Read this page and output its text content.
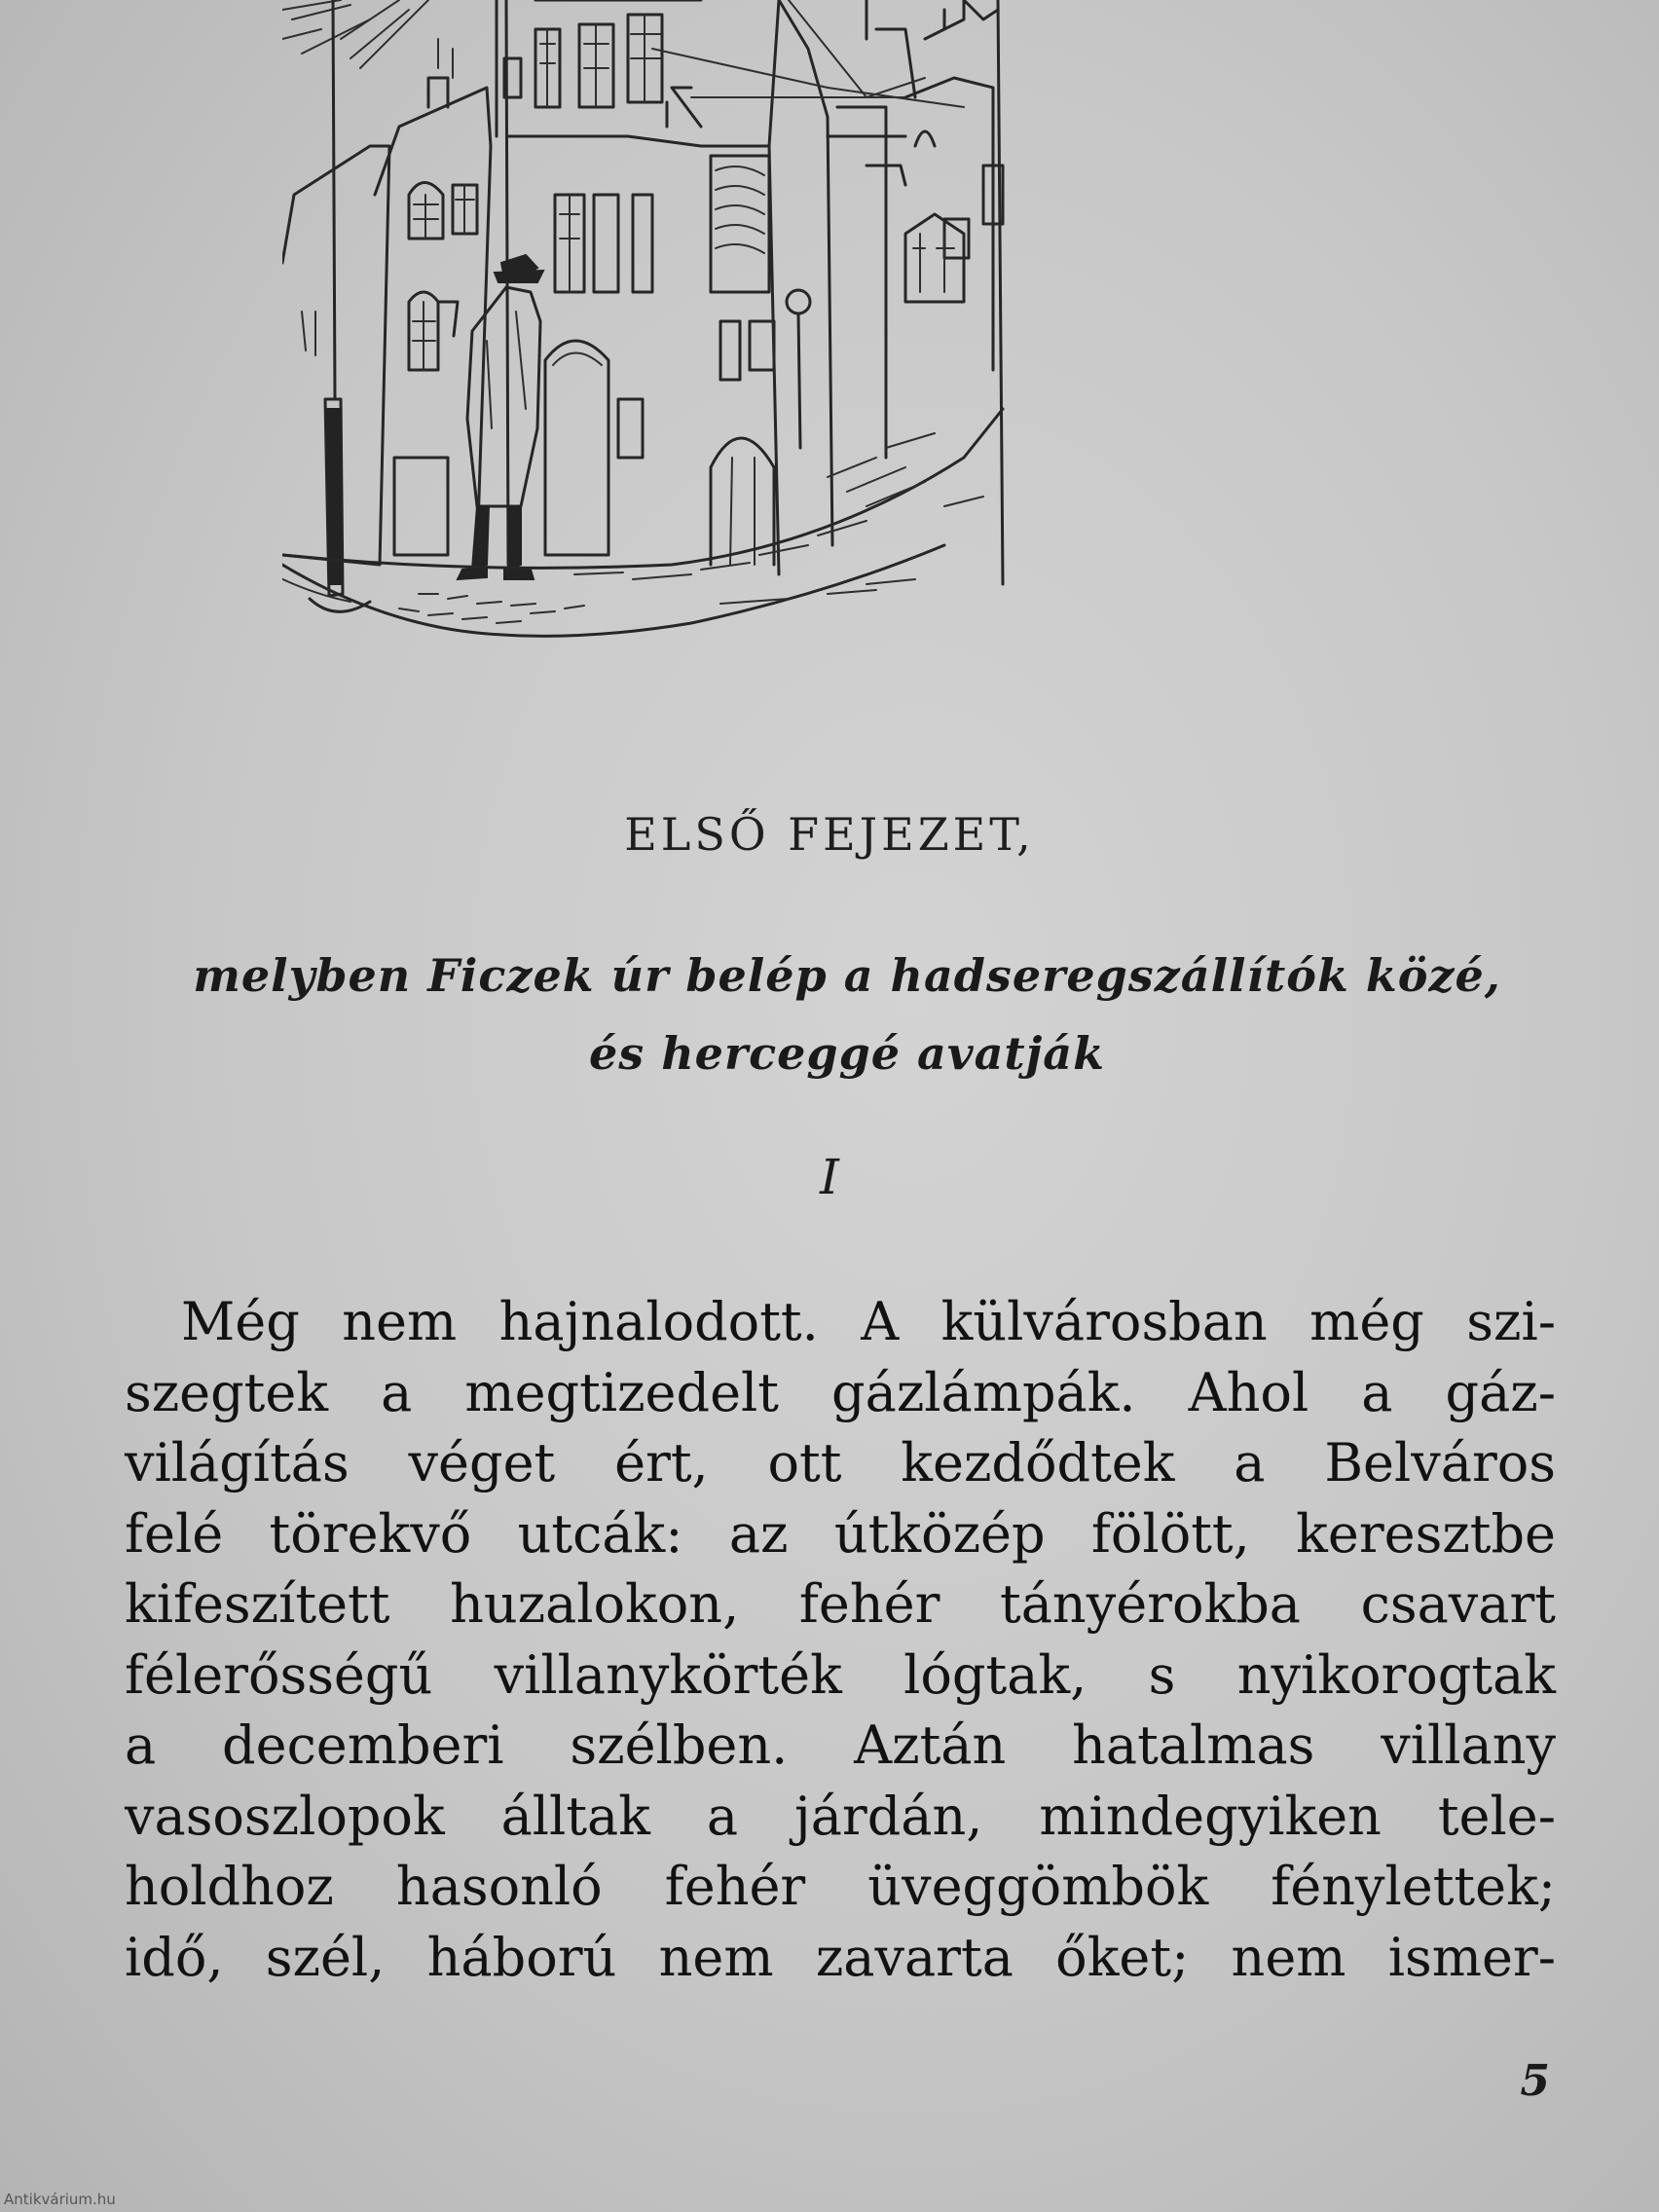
ELSŐ FEJEZET,
melyben Ficzek úr belép a hadseregszállítók közé,
és herceggé avatják
I
Még nem hajnalodott. A külvárosban még szi-
szegtek a megtizedelt gázlámpák. Ahol a gáz-
világítás véget ért, ott kezdődtek a Belváros
felé törekvő utcák: az útközép fölött, keresztbe
kifeszített huzalokon, fehér tányérokba csavart
félerősségű villanykörték lógtak, s nyikorogtak
a decemberi szélben. Aztán hatalmas villany
vasoszlopok álltak a járdán, mindegyiken tele-
holdhoz hasonló fehér üveggömbök fénylettek;
idő, szél, háború nem zavarta őket; nem ismer-
5
Antikvárium.hu
